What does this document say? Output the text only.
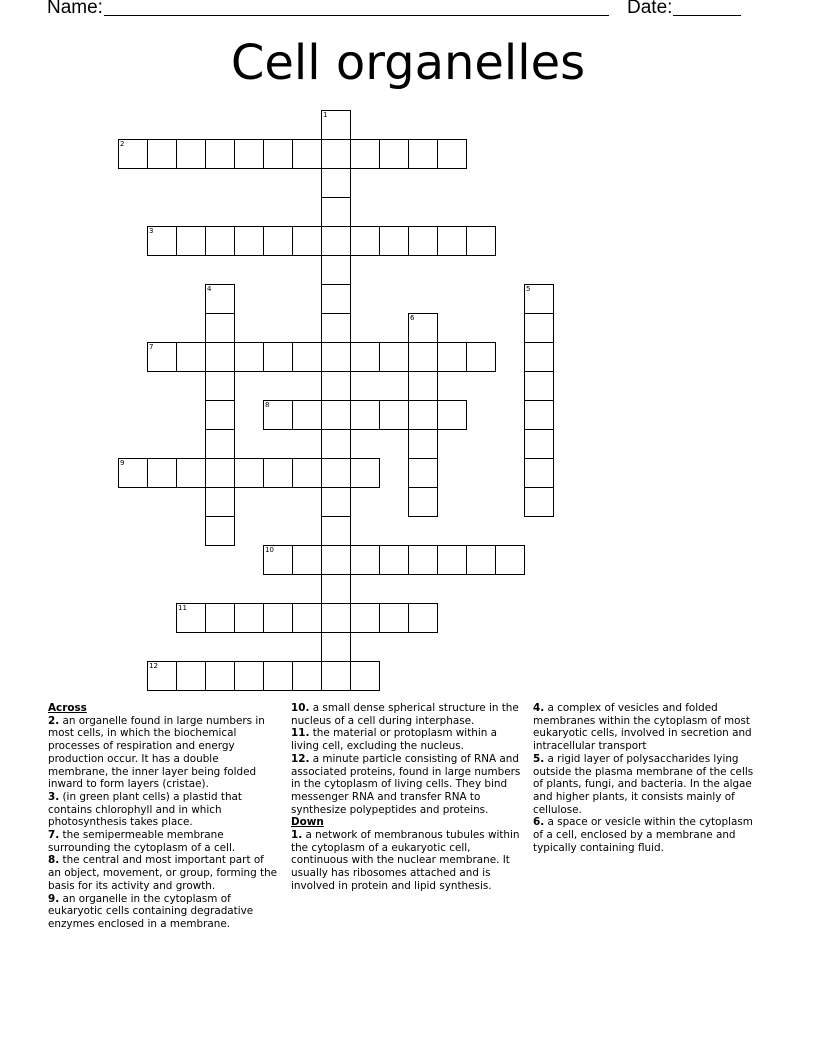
Name:	Date:
Cell organelles
1
2
3
4	5
6
7
8
9
10
11
12
Across

2. an organelle found in large numbers in most cells, in which the biochemical processes of respiration and energy production occur. It has a double membrane, the inner layer being folded inward to form layers (cristae).

3. (in green plant cells) a plastid that contains chlorophyll and in which photosynthesis takes place.

7. the semipermeable membrane surrounding the cytoplasm of a cell.

8. the central and most important part of an object, movement, or group, forming the basis for its activity and growth.

9. an organelle in the cytoplasm of eukaryotic cells containing degradative enzymes enclosed in a membrane.

10. a small dense spherical structure in the nucleus of a cell during interphase.

11. the material or protoplasm within a living cell, excluding the nucleus.

12. a minute particle consisting of RNA and associated proteins, found in large numbers in the cytoplasm of living cells. They bind messenger RNA and transfer RNA to synthesize polypeptides and proteins.

Down

1. a network of membranous tubules within the cytoplasm of a eukaryotic cell, continuous with the nuclear membrane. It usually has ribosomes attached and is involved in protein and lipid synthesis.

4. a complex of vesicles and folded membranes within the cytoplasm of most eukaryotic cells, involved in secretion and intracellular transport

5. a rigid layer of polysaccharides lying outside the plasma membrane of the cells of plants, fungi, and bacteria. In the algae and higher plants, it consists mainly of cellulose.

6. a space or vesicle within the cytoplasm of a cell, enclosed by a membrane and typically containing fluid.
